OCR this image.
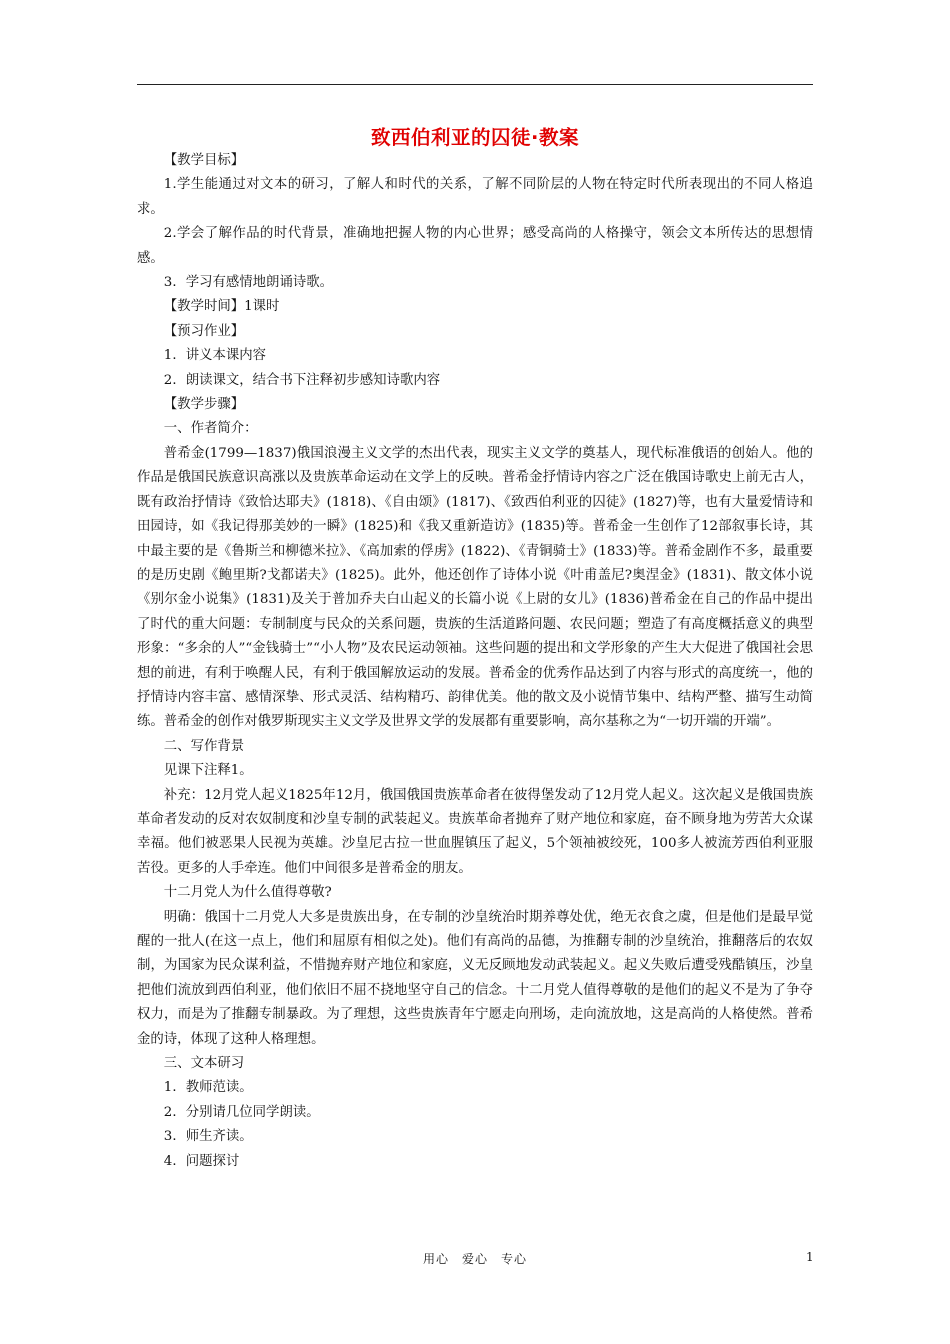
致西伯利亚的囚徒·教案

【教学目标】

1.学生能通过对文本的研习，了解人和时代的关系，了解不同阶层的人物在特定时代所表现出的不同人格追求。

2.学会了解作品的时代背景，准确地把握人物的内心世界；感受高尚的人格操守，领会文本所传达的思想情感。

3．学习有感情地朗诵诗歌。

【教学时间】1课时

【预习作业】

1．讲义本课内容

2．朗读课文，结合书下注释初步感知诗歌内容

【教学步骤】

一、作者简介：

普希金(1799—1837)俄国浪漫主义文学的杰出代表，现实主义文学的奠基人，现代标准俄语的创始人。他的作品是俄国民族意识高涨以及贵族革命运动在文学上的反映。普希金抒情诗内容之广泛在俄国诗歌史上前无古人，既有政治抒情诗《致恰达耶夫》(1818)、《自由颂》(1817)、《致西伯利亚的囚徒》(1827)等，也有大量爱情诗和田园诗，如《我记得那美妙的一瞬》(1825)和《我又重新造访》(1835)等。普希金一生创作了12部叙事长诗，其中最主要的是《鲁斯兰和柳德米拉》、《高加索的俘虏》(1822)、《青铜骑士》(1833)等。普希金剧作不多，最重要的是历史剧《鲍里斯?戈都诺夫》(1825)。此外，他还创作了诗体小说《叶甫盖尼?奥涅金》(1831)、散文体小说《别尔金小说集》(1831)及关于普加乔夫白山起义的长篇小说《上尉的女儿》(1836)普希金在自己的作品中提出了时代的重大问题：专制制度与民众的关系问题，贵族的生活道路问题、农民问题；塑造了有高度概括意义的典型形象：“多余的人”“金钱骑士”“小人物”及农民运动领袖。这些问题的提出和文学形象的产生大大促进了俄国社会思想的前进，有利于唤醒人民，有利于俄国解放运动的发展。普希金的优秀作品达到了内容与形式的高度统一，他的抒情诗内容丰富、感情深挚、形式灵活、结构精巧、韵律优美。他的散文及小说情节集中、结构严整、描写生动简练。普希金的创作对俄罗斯现实主义文学及世界文学的发展都有重要影响，高尔基称之为“一切开端的开端”。

二、写作背景

见课下注释1。

补充：12月党人起义1825年12月，俄国俄国贵族革命者在彼得堡发动了12月党人起义。这次起义是俄国贵族革命者发动的反对农奴制度和沙皇专制的武装起义。贵族革命者抛弃了财产地位和家庭，奋不顾身地为劳苦大众谋幸福。他们被恶果人民视为英雄。沙皇尼古拉一世血腥镇压了起义，5个领袖被绞死，100多人被流芳西伯利亚服苦役。更多的人手牵连。他们中间很多是普希金的朋友。

十二月党人为什么值得尊敬?

明确：俄国十二月党人大多是贵族出身，在专制的沙皇统治时期养尊处优，绝无衣食之虞，但是他们是最早觉醒的一批人(在这一点上，他们和屈原有相似之处)。他们有高尚的品德，为推翻专制的沙皇统治，推翻落后的农奴制，为国家为民众谋利益，不惜抛弃财产地位和家庭，义无反顾地发动武装起义。起义失败后遭受残酷镇压，沙皇把他们流放到西伯利亚，他们依旧不屈不挠地坚守自己的信念。十二月党人值得尊敬的是他们的起义不是为了争夺权力，而是为了推翻专制暴政。为了理想，这些贵族青年宁愿走向刑场，走向流放地，这是高尚的人格使然。普希金的诗，体现了这种人格理想。

三、文本研习

1．教师范读。

2．分别请几位同学朗读。

3．师生齐读。

4．问题探讨

用心　爱心　专心	1
